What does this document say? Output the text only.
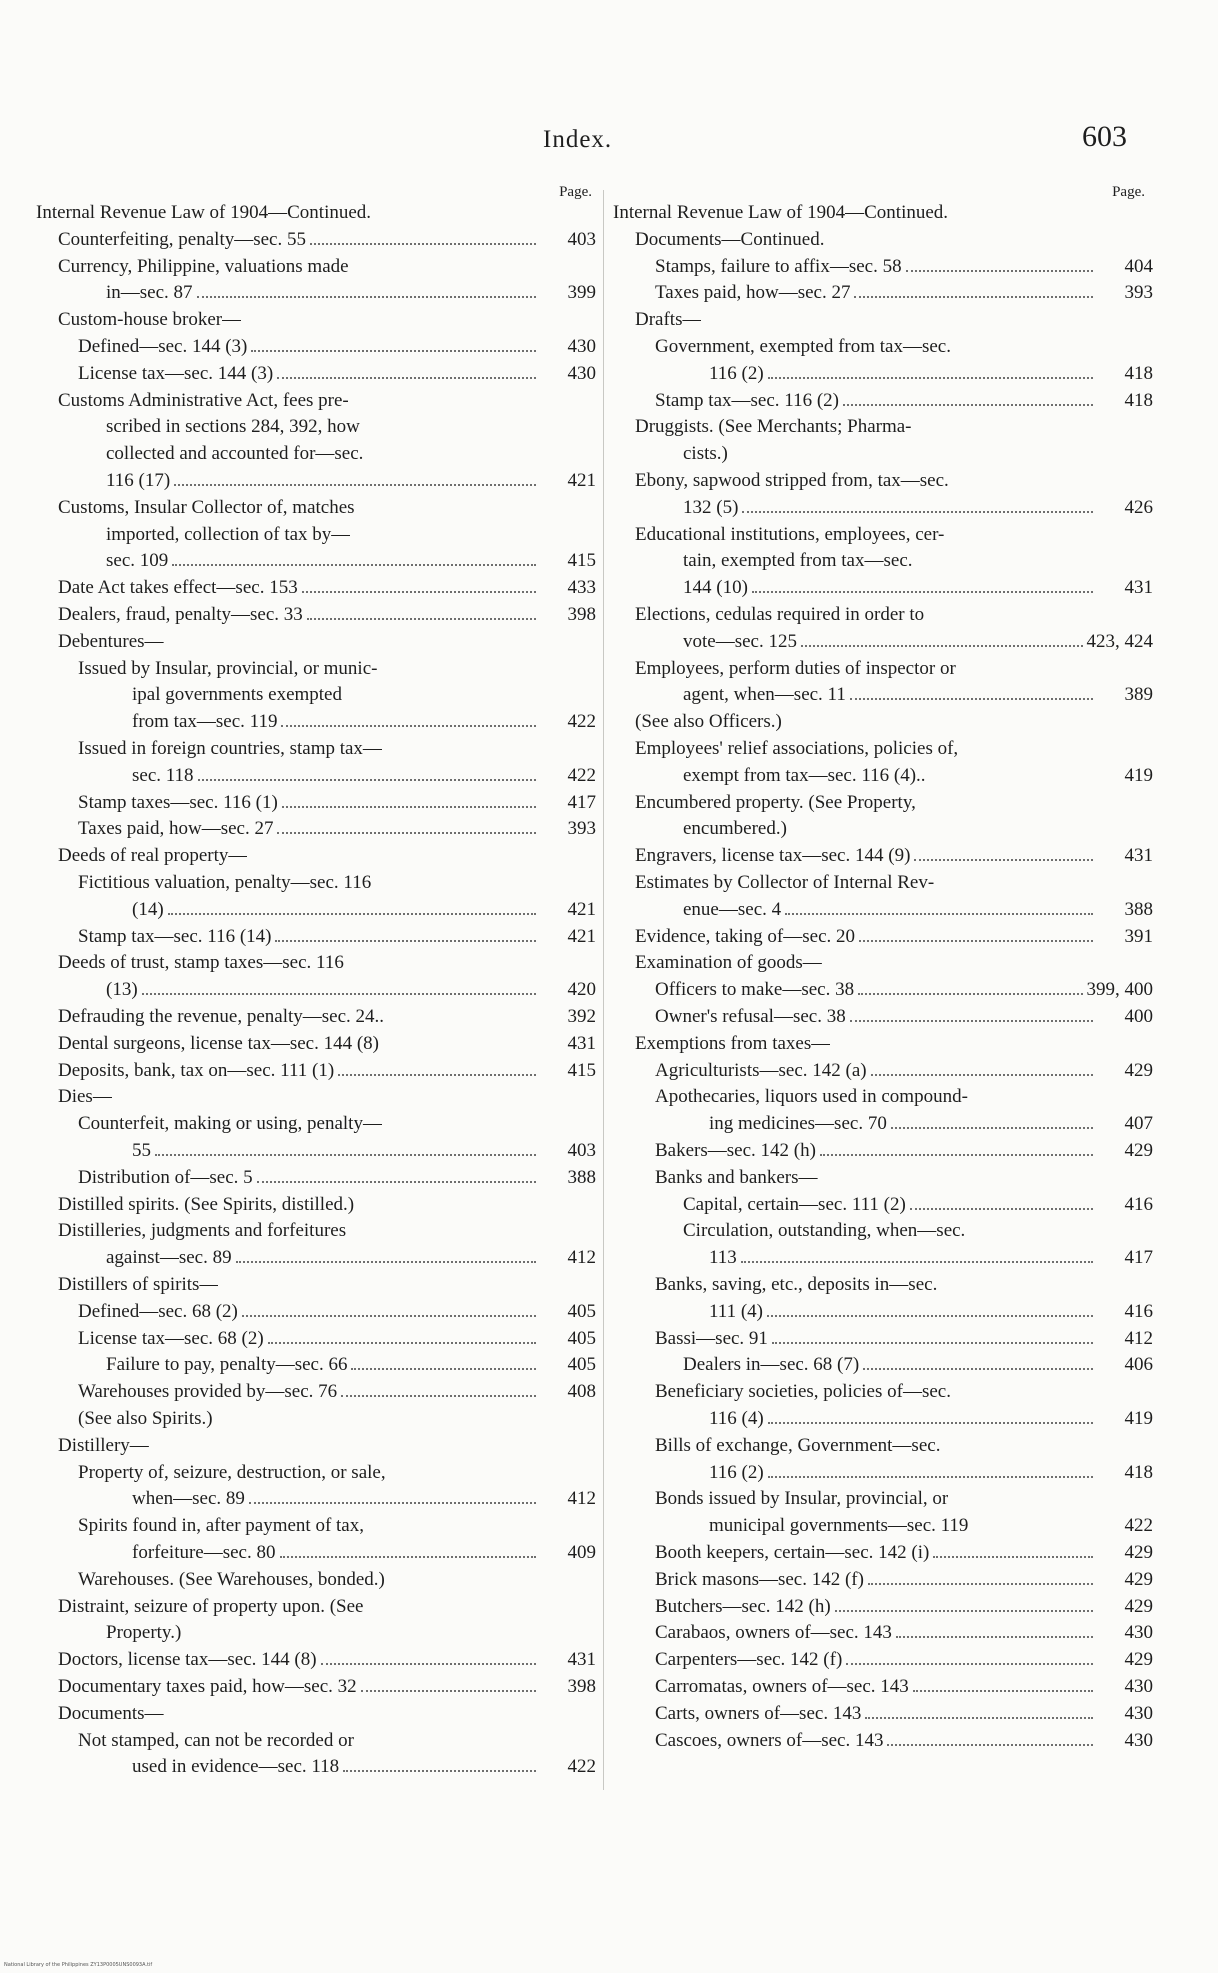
Index.	603
Page.
Internal Revenue Law of 1904—Continued.
Counterfeiting, penalty—sec. 55	403
Currency, Philippine, valuations made
in—sec. 87	399
Custom-house broker—
Defined—sec. 144 (3)	430
License tax—sec. 144 (3)	430
Customs Administrative Act, fees pre-
scribed in sections 284, 392, how
collected and accounted for—sec.
116 (17)	421
Customs, Insular Collector of, matches
imported, collection of tax by—
sec. 109	415
Date Act takes effect—sec. 153	433
Dealers, fraud, penalty—sec. 33	398
Debentures—
Issued by Insular, provincial, or munic-
ipal governments exempted
from tax—sec. 119	422
Issued in foreign countries, stamp tax—
sec. 118	422
Stamp taxes—sec. 116 (1)	417
Taxes paid, how—sec. 27	393
Deeds of real property—
Fictitious valuation, penalty—sec. 116
(14)	421
Stamp tax—sec. 116 (14)	421
Deeds of trust, stamp taxes—sec. 116
(13)	420
Defrauding the revenue, penalty—sec. 24..	392
Dental surgeons, license tax—sec. 144 (8)	431
Deposits, bank, tax on—sec. 111 (1)	415
Dies—
Counterfeit, making or using, penalty—
55	403
Distribution of—sec. 5	388
Distilled spirits. (See Spirits, distilled.)
Distilleries, judgments and forfeitures
against—sec. 89	412
Distillers of spirits—
Defined—sec. 68 (2)	405
License tax—sec. 68 (2)	405
Failure to pay, penalty—sec. 66	405
Warehouses provided by—sec. 76	408
(See also Spirits.)
Distillery—
Property of, seizure, destruction, or sale,
when—sec. 89	412
Spirits found in, after payment of tax,
forfeiture—sec. 80	409
Warehouses. (See Warehouses, bonded.)
Distraint, seizure of property upon. (See
Property.)
Doctors, license tax—sec. 144 (8)	431
Documentary taxes paid, how—sec. 32	398
Documents—
Not stamped, can not be recorded or
used in evidence—sec. 118	422
Page.
Internal Revenue Law of 1904—Continued.
Documents—Continued.
Stamps, failure to affix—sec. 58	404
Taxes paid, how—sec. 27	393
Drafts—
Government, exempted from tax—sec.
116 (2)	418
Stamp tax—sec. 116 (2)	418
Druggists. (See Merchants; Pharma-
cists.)
Ebony, sapwood stripped from, tax—sec.
132 (5)	426
Educational institutions, employees, cer-
tain, exempted from tax—sec.
144 (10)	431
Elections, cedulas required in order to
vote—sec. 125	423, 424
Employees, perform duties of inspector or
agent, when—sec. 11	389
(See also Officers.)
Employees' relief associations, policies of,
exempt from tax—sec. 116 (4)..	419
Encumbered property. (See Property,
encumbered.)
Engravers, license tax—sec. 144 (9)	431
Estimates by Collector of Internal Rev-
enue—sec. 4	388
Evidence, taking of—sec. 20	391
Examination of goods—
Officers to make—sec. 38	399, 400
Owner's refusal—sec. 38	400
Exemptions from taxes—
Agriculturists—sec. 142 (a)	429
Apothecaries, liquors used in compound-
ing medicines—sec. 70	407
Bakers—sec. 142 (h)	429
Banks and bankers—
Capital, certain—sec. 111 (2)	416
Circulation, outstanding, when—sec.
113	417
Banks, saving, etc., deposits in—sec.
111 (4)	416
Bassi—sec. 91	412
Dealers in—sec. 68 (7)	406
Beneficiary societies, policies of—sec.
116 (4)	419
Bills of exchange, Government—sec.
116 (2)	418
Bonds issued by Insular, provincial, or
municipal governments—sec. 119	422
Booth keepers, certain—sec. 142 (i)	429
Brick masons—sec. 142 (f)	429
Butchers—sec. 142 (h)	429
Carabaos, owners of—sec. 143	430
Carpenters—sec. 142 (f)	429
Carromatas, owners of—sec. 143	430
Carts, owners of—sec. 143	430
Cascoes, owners of—sec. 143	430
National Library of the Philippines ZY13P0005UNS0093A.tif
